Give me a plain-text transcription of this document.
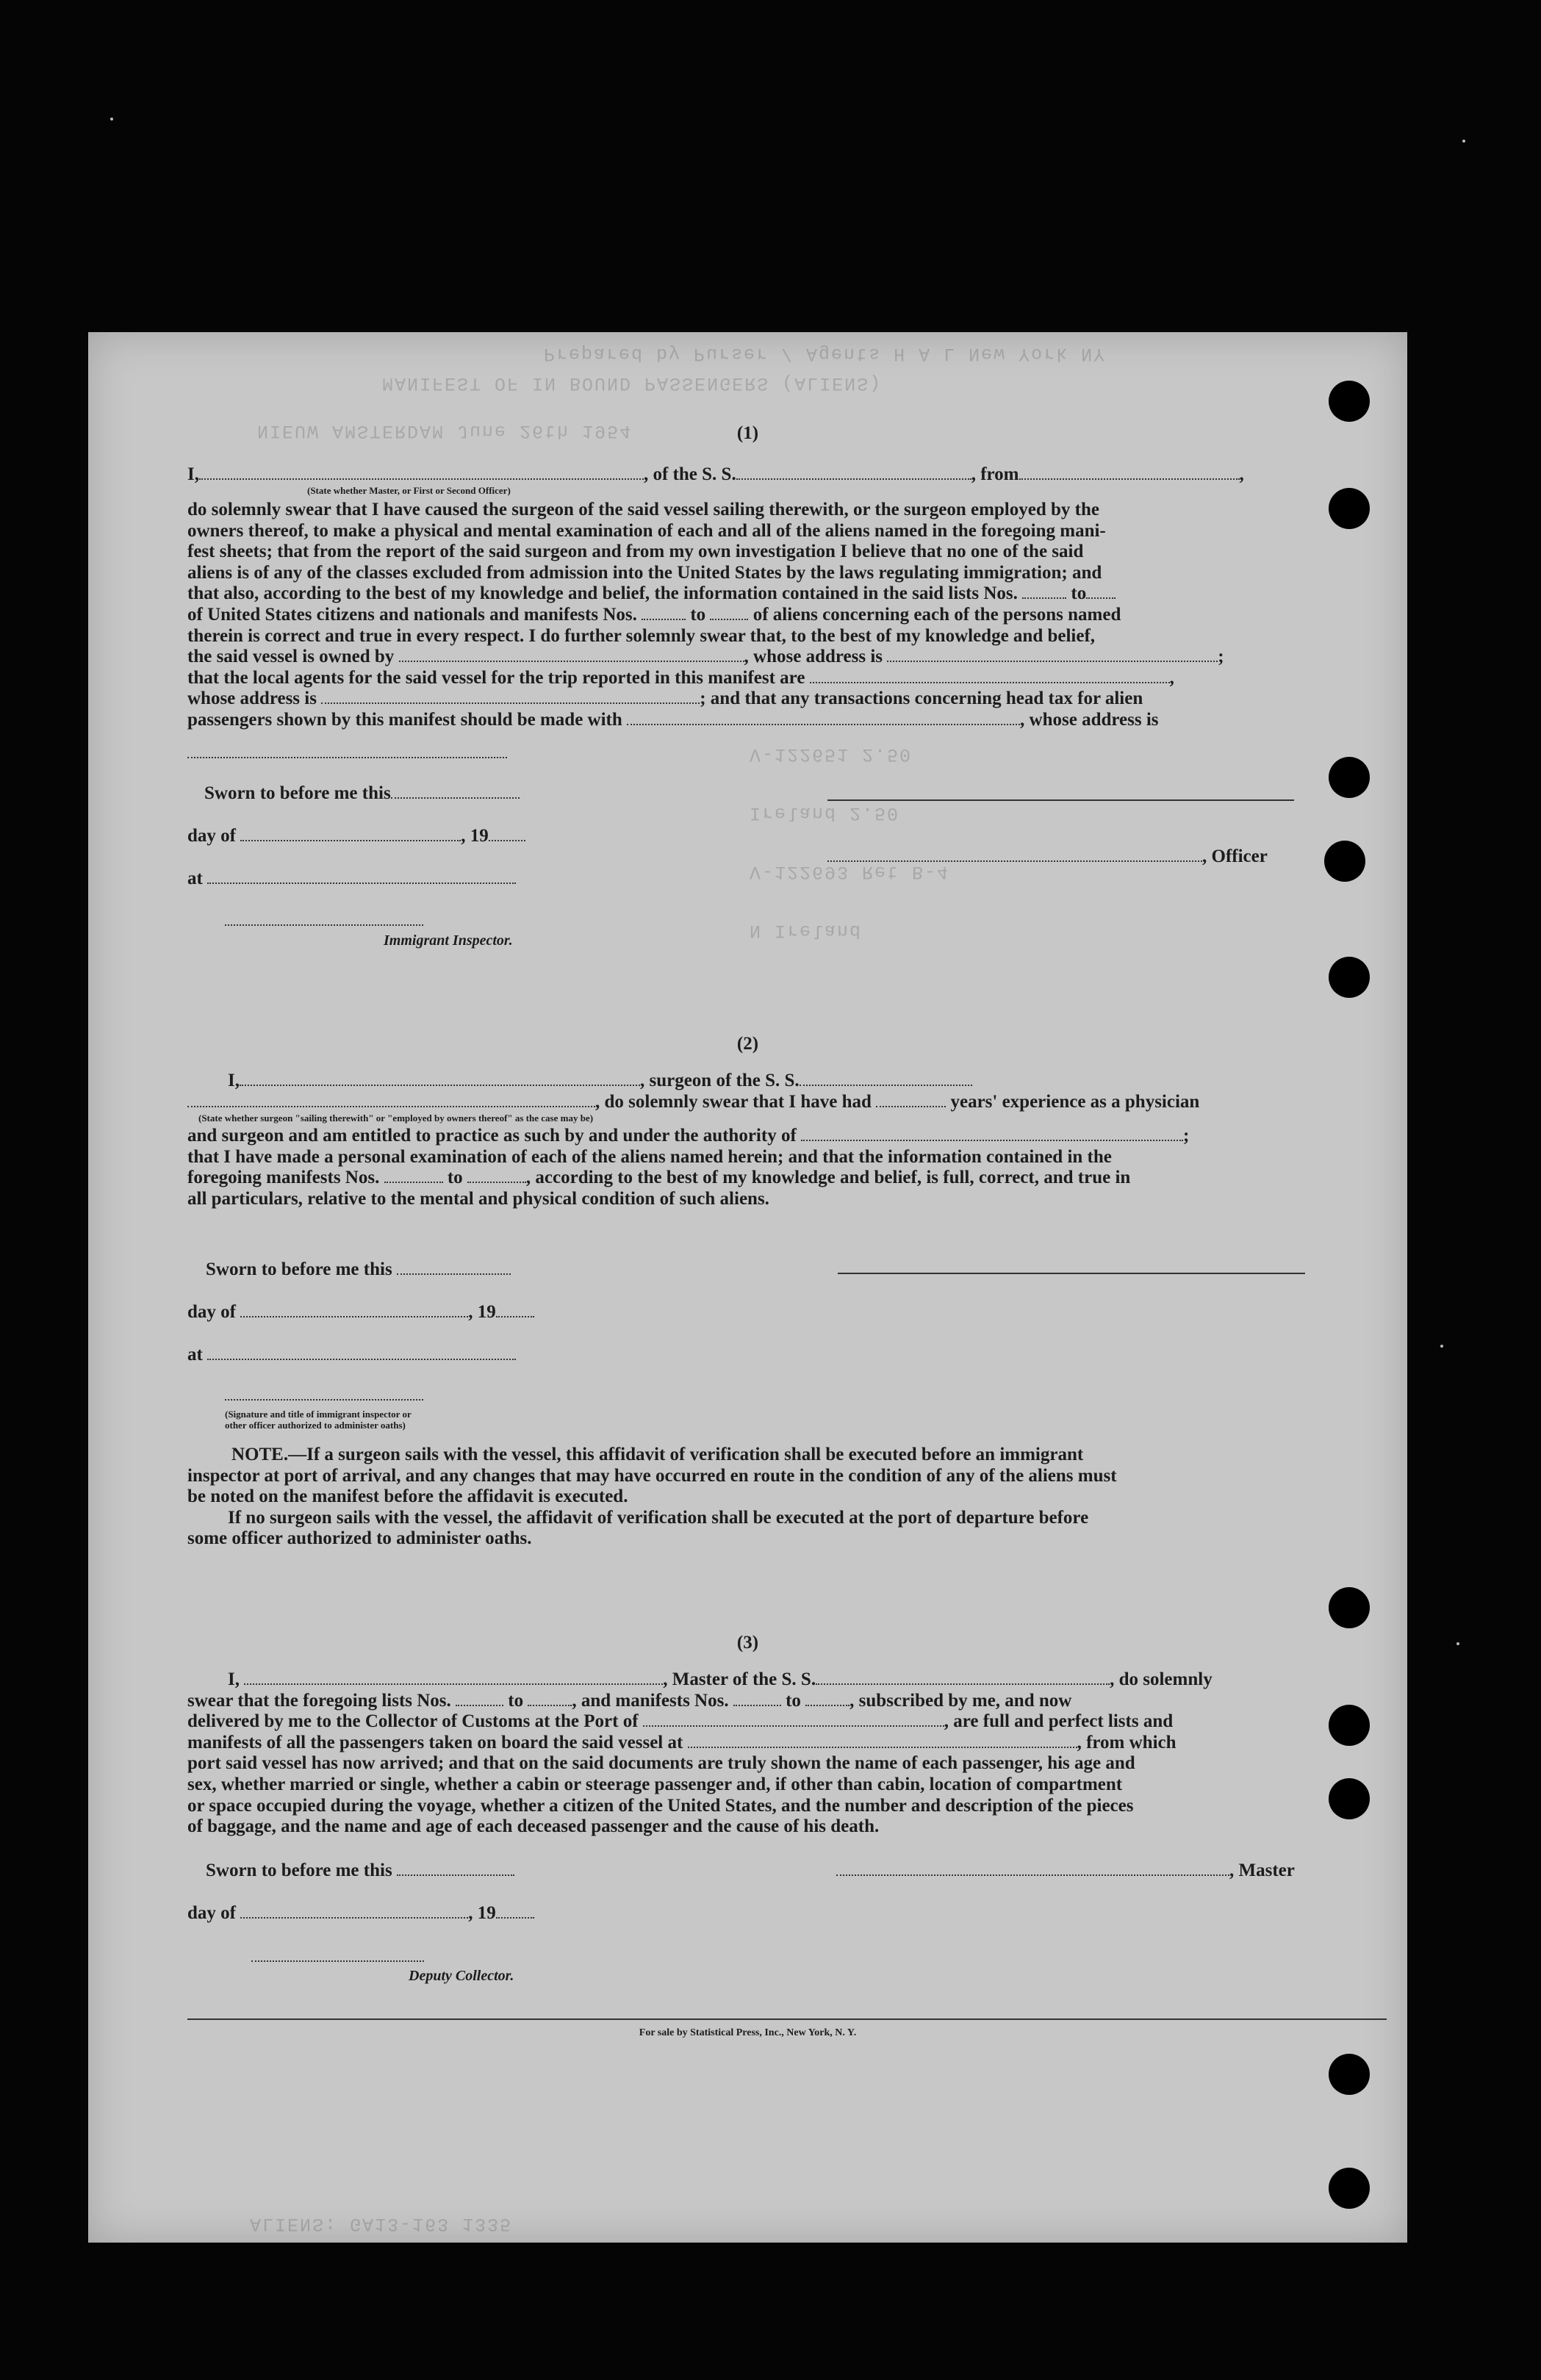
Prepared by Purser / Agents H A L New York NY
MANIFEST OF IN BOUND PASSENGERS (ALIENS)
NIEUW AMSTERDAM June 26th 1954
V-122651 2.50
Ireland 2.50
V-122693 Ret B-4
N Ireland
ALIENS: GA13-163 1335
(1)
I,	, of the S. S.	, from	,
(State whether Master, or First or Second Officer)
do solemnly swear that I have caused the surgeon of the said vessel sailing therewith, or the surgeon employed by the
owners thereof, to make a physical and mental examination of each and all of the aliens named in the foregoing mani-
fest sheets; that from the report of the said surgeon and from my own investigation I believe that no one of the said
aliens is of any of the classes excluded from admission into the United States by the laws regulating immigration; and
that also, according to the best of my knowledge and belief, the information contained in the said lists Nos.	to
of United States citizens and nationals and manifests Nos.	to	of aliens concerning each of the persons named
therein is correct and true in every respect. I do further solemnly swear that, to the best of my knowledge and belief,
the said vessel is owned by	, whose address is	;
that the local agents for the said vessel for the trip reported in this manifest are	,
whose address is	; and that any transactions concerning head tax for alien
passengers shown by this manifest should be made with	, whose address is
Sworn to before me this
day of	, 19
at
Immigrant Inspector.
, Officer
(2)
I,	, surgeon of the S. S.
, do solemnly swear that I have had	years' experience as a physician
(State whether surgeon "sailing therewith" or "employed by owners thereof" as the case may be)
and surgeon and am entitled to practice as such by and under the authority of	;
that I have made a personal examination of each of the aliens named herein; and that the information contained in the
foregoing manifests Nos.	to	, according to the best of my knowledge and belief, is full, correct, and true in
all particulars, relative to the mental and physical condition of such aliens.
Sworn to before me this
day of	, 19
at
(Signature and title of immigrant inspector or
other officer authorized to administer oaths)
NOTE.—If a surgeon sails with the vessel, this affidavit of verification shall be executed before an immigrant
inspector at port of arrival, and any changes that may have occurred en route in the condition of any of the aliens must
be noted on the manifest before the affidavit is executed.
If no surgeon sails with the vessel, the affidavit of verification shall be executed at the port of departure before
some officer authorized to administer oaths.
(3)
I,	, Master of the S. S.	, do solemnly
swear that the foregoing lists Nos.	to	, and manifests Nos.	to	, subscribed by me, and now
delivered by me to the Collector of Customs at the Port of	, are full and perfect lists and
manifests of all the passengers taken on board the said vessel at	, from which
port said vessel has now arrived; and that on the said documents are truly shown the name of each passenger, his age and
sex, whether married or single, whether a cabin or steerage passenger and, if other than cabin, location of compartment
or space occupied during the voyage, whether a citizen of the United States, and the number and description of the pieces
of baggage, and the name and age of each deceased passenger and the cause of his death.
Sworn to before me this	, Master
day of	, 19
Deputy Collector.
For sale by Statistical Press, Inc., New York, N. Y.
